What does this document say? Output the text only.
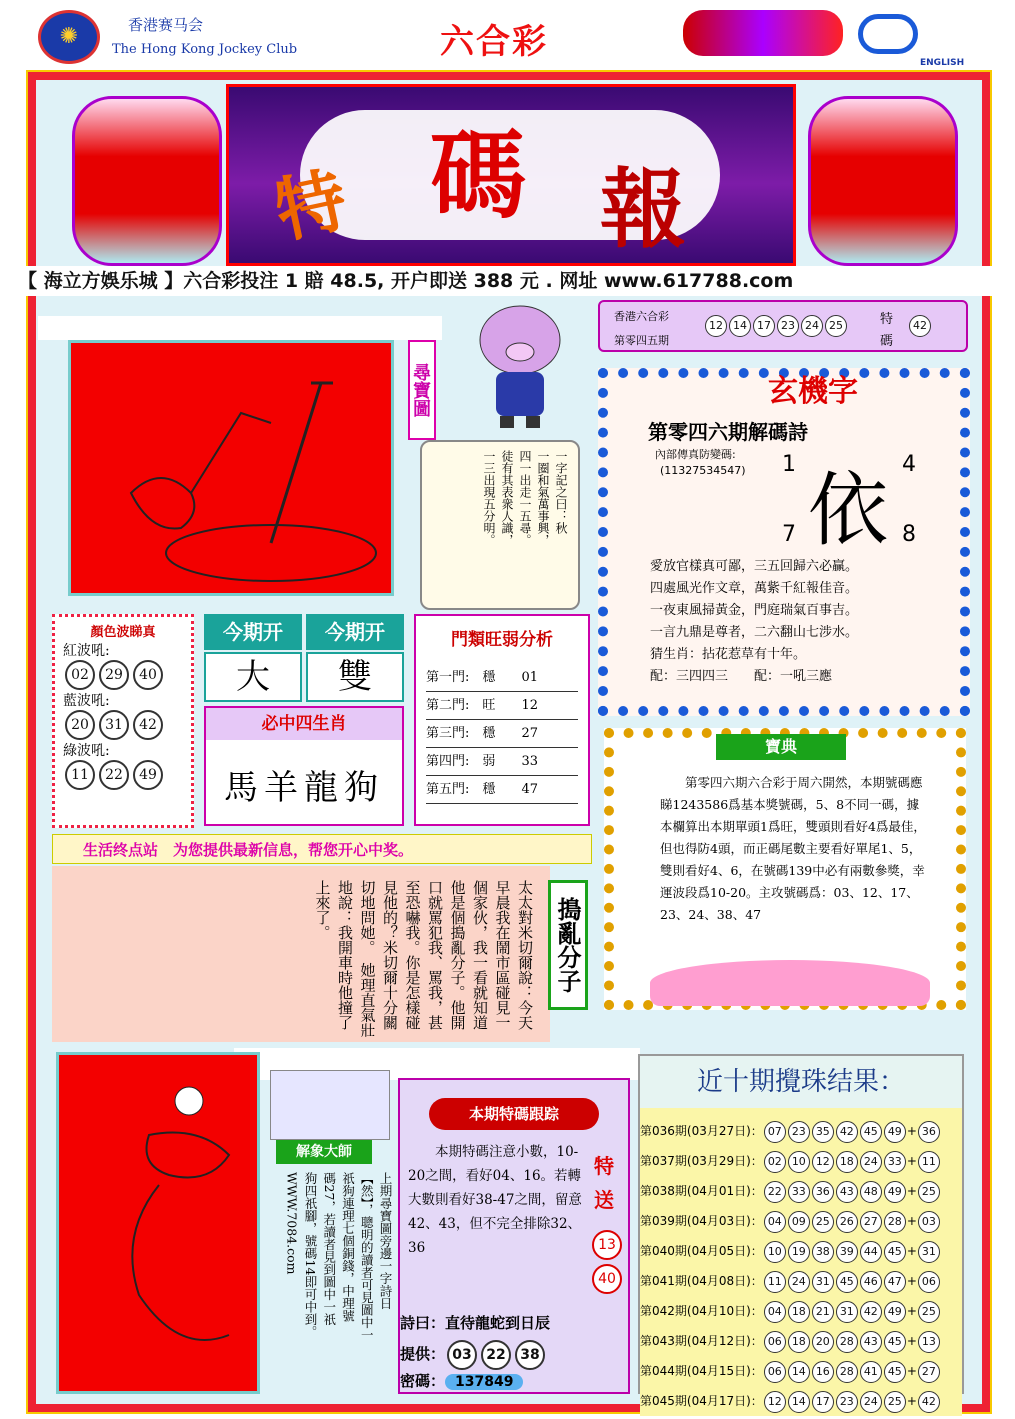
✺	香港赛马会
The Hong Kong Jockey Club	六合彩
ENGLISH
特 碼 報
【 海立方娛乐城 】六合彩投注 1 賠 48.5, 开户即送 388 元 . 网址 www.617788.com
尋寶圖
一字記之曰：秋
一圈和氣萬事興，
四一出走一五尋。
徒有其表衆人識，
一三出現五分明。
香港六合彩
第零四五期
12 14 17 23 24 25	特
碼
42
玄機字
第零四六期解碼詩
內部傳真防變碼:
(11327534547) 依
1	4
7	8
愛放官樣真可鄙，三五回歸六必贏。
四處風光作文章，萬紫千紅報佳音。
一夜東風掃黃金，門庭瑞氣百事吉。
一言九鼎是尊者，二六翻山七涉水。
猜生肖：拈花惹草有十年。
配：三四四三　　 配：一吼三應
顏色波睇真
紅波吼:
02 29 40
藍波吼:
20 31 42
綠波吼:
11 22 49
今期开	今期开
大	雙
必中四生肖
馬羊龍狗
門類旺弱分析
第一門:　 穩　　 01
第二門:　 旺　　 12
第三門:　 穩　　 27
第四門:　 弱　　 33
第五門:　 穩　　 47
寶典
第零四六期六合彩于周六開然，本期號碼應睇1243586爲基本獎號碼，5、8不同一碼，據本欄算出本期單頭1爲旺，雙頭則看好4爲最佳，但也得防4頭，而正碼尾數主要看好單尾1、5，雙則看好4、6，在號碼139中必有兩數參獎，幸運波段爲10-20。主攻號碼爲：03、12、17、23、24、38、47
生活终点站　 为您提供最新信息，帮您开心中奖。
太太對米切爾說：今天早晨我在鬧市區碰見一個家伙，我一看就知道他是個搗亂分子。他開口就罵犯我、罵我，甚至恐嚇我。你是怎樣碰見他的？米切爾十分關切地問她。　她理直氣壯地說：我開車時他撞了上來了。	搗亂分子
解象大師
上期尋寶圖旁邊一字詩日
【然】，聰明的讀者可見圖中一
祇狗連理七個銅錢，中理號
碼27，若讀者見到圖中一祇
狗四祇腳，號碼14即可中到。
WWW.7084.com
本期特碼跟踪
本期特碼注意小數，10-20之間，看好04、16。若轉大數則看好38-47之間，留意42、43，但不完全排除32、36
特
送
13
40
詩曰：直待龍蛇到日辰
提供： 03 22 38
密碼： 137849
近十期攪珠结果：
第036期(03月27日)： 07 23 35 42 45 49 + 36
第037期(03月29日)： 02 10 12 18 24 33 + 11
第038期(04月01日)： 22 33 36 43 48 49 + 25
第039期(04月03日)： 04 09 25 26 27 28 + 03
第040期(04月05日)： 10 19 38 39 44 45 + 31
第041期(04月08日)： 11 24 31 45 46 47 + 06
第042期(04月10日)： 04 18 21 31 42 49 + 25
第043期(04月12日)： 06 18 20 28 43 45 + 13
第044期(04月15日)： 06 14 16 28 41 45 + 27
第045期(04月17日)： 12 14 17 23 24 25 + 42
